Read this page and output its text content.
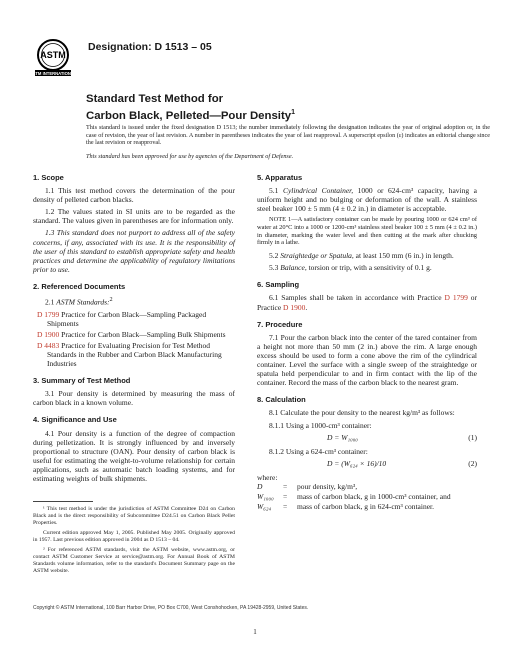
ASTM
ASTM INTERNATIONAL
Designation: D 1513 – 05
Standard Test Method for
Carbon Black, Pelleted—Pour Density$^1$

This standard is issued under the fixed designation D 1513; the number immediately following the designation indicates the year of original adoption or, in the case of revision, the year of last revision. A number in parentheses indicates the year of last reapproval. A superscript epsilon (ε) indicates an editorial change since the last revision or reapproval.

This standard has been approved for use by agencies of the Department of Defense.

1. Scope

1.1 This test method covers the determination of the pour density of pelleted carbon blacks.

1.2 The values stated in SI units are to be regarded as the standard. The values given in parentheses are for information only.

1.3 This standard does not purport to address all of the safety concerns, if any, associated with its use. It is the responsibility of the user of this standard to establish appropriate safety and health practices and determine the applicability of regulatory limitations prior to use.

2. Referenced Documents

2.1 ASTM Standards:$^2$

D 1799 Practice for Carbon Black—Sampling Packaged Shipments
D 1900 Practice for Carbon Black—Sampling Bulk Shipments
D 4483 Practice for Evaluating Precision for Test Method Standards in the Rubber and Carbon Black Manufacturing Industries
3. Summary of Test Method

3.1 Pour density is determined by measuring the mass of carbon black in a known volume.

4. Significance and Use

4.1 Pour density is a function of the degree of compaction during pelletization. It is strongly influenced by and inversely proportional to structure (OAN). Pour density of carbon black is useful for estimating the weight-to-volume relationship for certain applications, such as automatic batch loading systems, and for estimating weights of bulk shipments.

¹ This test method is under the jurisdiction of ASTM Committee D24 on Carbon Black and is the direct responsibility of Subcommittee D24.51 on Carbon Black Pellet Properties.

Current edition approved May 1, 2005. Published May 2005. Originally approved in 1957. Last previous edition approved in 2004 as D 1513 – 04.

² For referenced ASTM standards, visit the ASTM website, www.astm.org, or contact ASTM Customer Service at service@astm.org. For Annual Book of ASTM Standards volume information, refer to the standard's Document Summary page on the ASTM website.

5. Apparatus

5.1 Cylindrical Container, 1000 or 624-cm³ capacity, having a uniform height and no bulging or deformation of the wall. A stainless steel beaker 100 ± 5 mm (4 ± 0.2 in.) in diameter is acceptable.

NOTE 1—A satisfactory container can be made by pouring 1000 or 624 cm³ of water at 20°C into a 1000 or 1200-cm³ stainless steel beaker 100 ± 5 mm (4 ± 0.2 in.) in diameter, marking the water level and then cutting at the mark after chucking firmly in a lathe.

5.2 Straightedge or Spatula, at least 150 mm (6 in.) in length.

5.3 Balance, torsion or trip, with a sensitivity of 0.1 g.

6. Sampling

6.1 Samples shall be taken in accordance with Practice D 1799 or Practice D 1900.

7. Procedure

7.1 Pour the carbon black into the center of the tared container from a height not more than 50 mm (2 in.) above the rim. A large enough excess should be used to form a cone above the rim of the cylindrical container. Level the surface with a single sweep of the straightedge or spatula held perpendicular to and in firm contact with the lip of the container. Record the mass of the carbon black to the nearest gram.

8. Calculation

8.1 Calculate the pour density to the nearest kg/m³ as follows:

8.1.1 Using a 1000-cm³ container:

D = W₁₀₀₀	(1)

8.1.2 Using a 624-cm³ container:

D = (W₆₂₄ × 16)/10	(2)
where:
D	=	pour density, kg/m³,
W₁₀₀₀	=	mass of carbon black, g in 1000-cm³ container, and
W₆₂₄	=	mass of carbon black, g in 624-cm³ container.
Copyright © ASTM International, 100 Barr Harbor Drive, PO Box C700, West Conshohocken, PA 19428-2959, United States.
1
